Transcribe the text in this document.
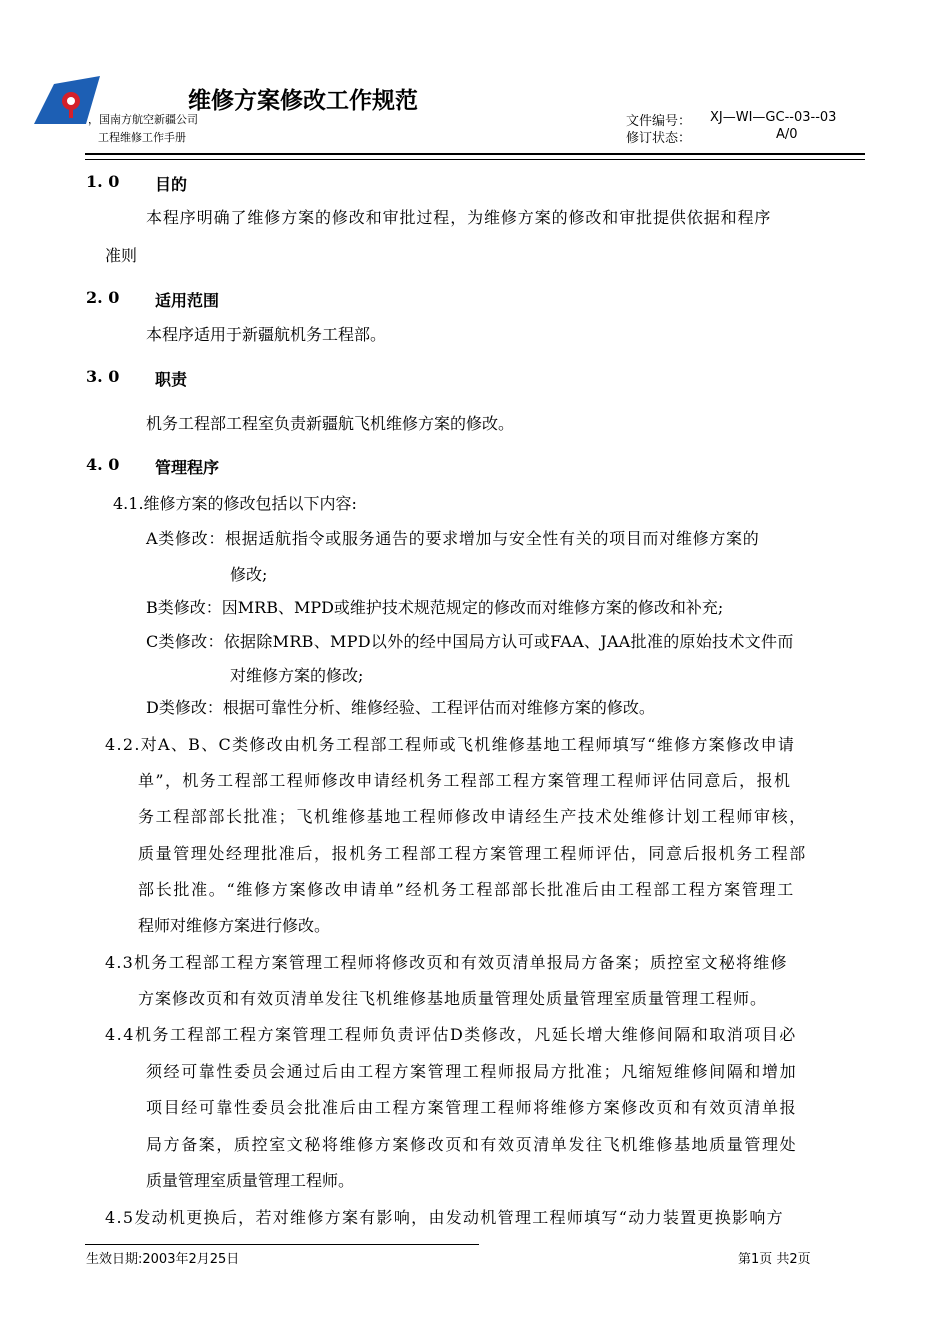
，国南方航空新疆公司
工程维修工作手册
维修方案修改工作规范
文件编号： XJ—WI—GC--03--03
修订状态：	A/0
1. 0 目的
本程序明确了维修方案的修改和审批过程，为维修方案的修改和审批提供依据和程序
准则
2. 0 适用范围
本程序适用于新疆航机务工程部。
3. 0 职责
机务工程部工程室负责新疆航飞机维修方案的修改。
4. 0 管理程序
4.1.维修方案的修改包括以下内容:
A类修改：根据适航指令或服务通告的要求增加与安全性有关的项目而对维修方案的
修改;
B类修改：因MRB、MPD或维护技术规范规定的修改而对维修方案的修改和补充;
C类修改：依据除MRB、MPD以外的经中国局方认可或FAA、JAA批准的原始技术文件而
对维修方案的修改;
D类修改：根据可靠性分析、维修经验、工程评估而对维修方案的修改。
4.2.对A、B、C类修改由机务工程部工程师或飞机维修基地工程师填写“维修方案修改申请
单”，机务工程部工程师修改申请经机务工程部工程方案管理工程师评估同意后，报机
务工程部部长批准；飞机维修基地工程师修改申请经生产技术处维修计划工程师审核，
质量管理处经理批准后，报机务工程部工程方案管理工程师评估，同意后报机务工程部
部长批准。“维修方案修改申请单”经机务工程部部长批准后由工程部工程方案管理工
程师对维修方案进行修改。
4.3机务工程部工程方案管理工程师将修改页和有效页清单报局方备案；质控室文秘将维修
方案修改页和有效页清单发往飞机维修基地质量管理处质量管理室质量管理工程师。
4.4机务工程部工程方案管理工程师负责评估D类修改，凡延长增大维修间隔和取消项目必
须经可靠性委员会通过后由工程方案管理工程师报局方批准；凡缩短维修间隔和增加
项目经可靠性委员会批准后由工程方案管理工程师将维修方案修改页和有效页清单报
局方备案，质控室文秘将维修方案修改页和有效页清单发往飞机维修基地质量管理处
质量管理室质量管理工程师。
4.5发动机更换后，若对维修方案有影响，由发动机管理工程师填写“动力装置更换影响方
生效日期:2003年2月25日	第1页 共2页
